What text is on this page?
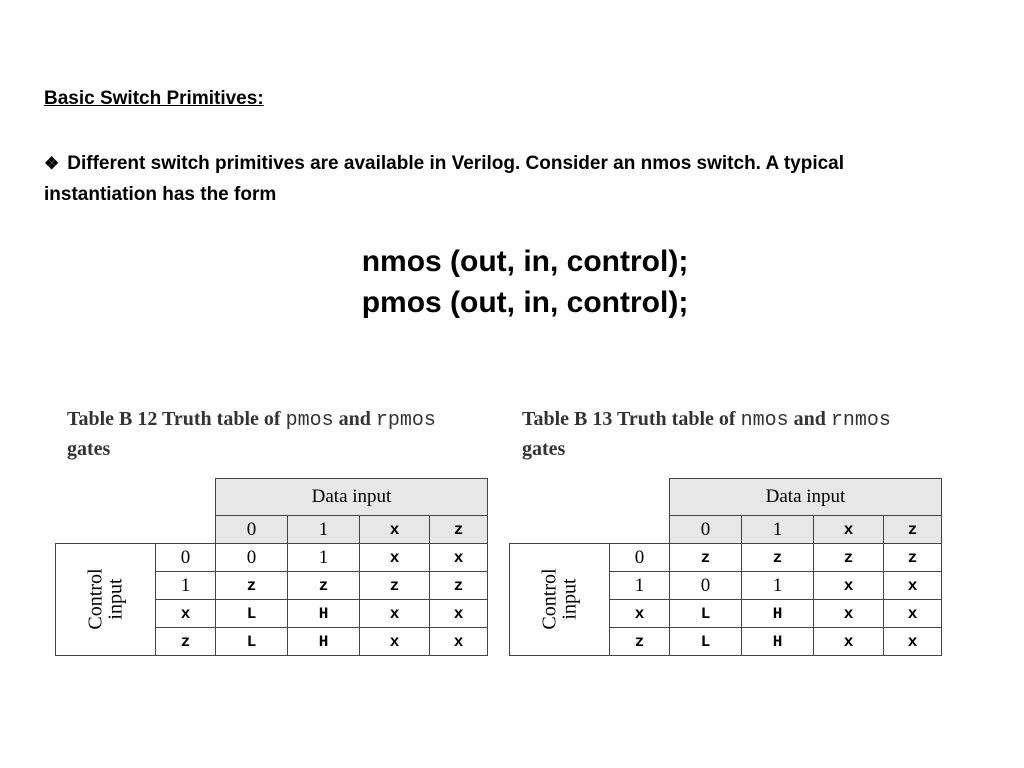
Basic Switch Primitives:
❖ Different switch primitives are available in Verilog. Consider an nmos switch. A typical instantiation has the form
nmos (out, in, control);
pmos (out, in, control);
Table B 12 Truth table of pmos and rpmos gates
Table B 13 Truth table of nmos and rnmos gates
		Data input			
		0	1	x	z
Control
input	0	0	1	x	x
	1	z	z	z	z
	x	L	H	x	x
	z	L	H	x	x
		Data input			
		0	1	x	z
Control
input	0	z	z	z	z
	1	0	1	x	x
	x	L	H	x	x
	z	L	H	x	x
